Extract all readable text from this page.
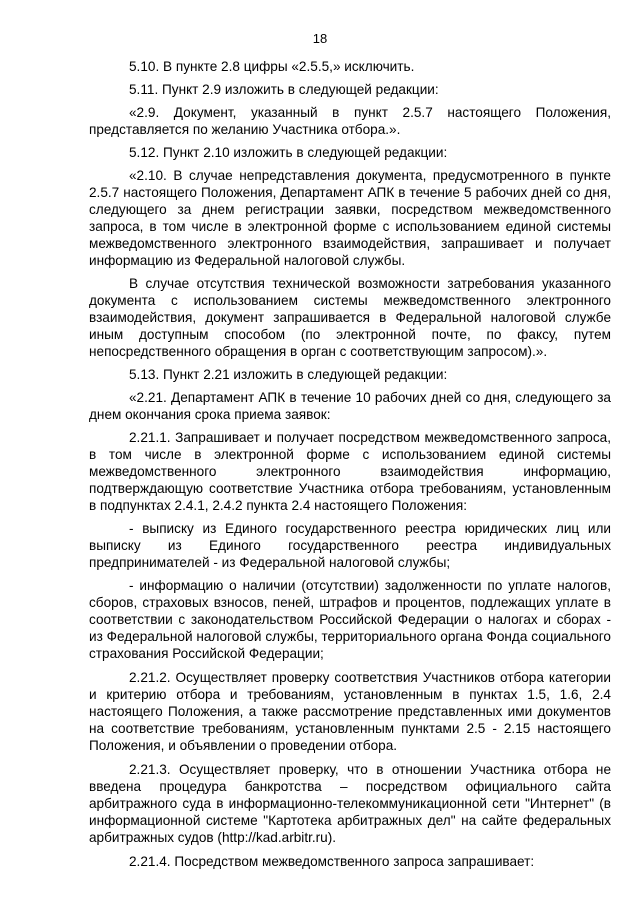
18

5.10. В пункте 2.8 цифры «2.5.5,» исключить.

5.11. Пункт 2.9 изложить в следующей редакции:

«2.9. Документ, указанный в пункт 2.5.7 настоящего Положения, представляется по желанию Участника отбора.».

5.12. Пункт 2.10 изложить в следующей редакции:

«2.10. В случае непредставления документа, предусмотренного в пункте 2.5.7 настоящего Положения, Департамент АПК в течение 5 рабочих дней со дня, следующего за днем регистрации заявки, посредством межведомственного запроса, в том числе в электронной форме с использованием единой системы межведомственного электронного взаимодействия, запрашивает и получает информацию из Федеральной налоговой службы.

В случае отсутствия технической возможности затребования указанного документа с использованием системы межведомственного электронного взаимодействия, документ запрашивается в Федеральной налоговой службе иным доступным способом (по электронной почте, по факсу, путем непосредственного обращения в орган с соответствующим запросом).».

5.13. Пункт 2.21 изложить в следующей редакции:

«2.21. Департамент АПК в течение 10 рабочих дней со дня, следующего за днем окончания срока приема заявок:

2.21.1. Запрашивает и получает посредством межведомственного запроса, в том числе в электронной форме с использованием единой системы межведомственного электронного взаимодействия информацию, подтверждающую соответствие Участника отбора требованиям, установленным в подпунктах 2.4.1, 2.4.2 пункта 2.4 настоящего Положения:

- выписку из Единого государственного реестра юридических лиц или выписку из Единого государственного реестра индивидуальных предпринимателей - из Федеральной налоговой службы;

- информацию о наличии (отсутствии) задолженности по уплате налогов, сборов, страховых взносов, пеней, штрафов и процентов, подлежащих уплате в соответствии с законодательством Российской Федерации о налогах и сборах - из Федеральной налоговой службы, территориального органа Фонда социального страхования Российской Федерации;

2.21.2. Осуществляет проверку соответствия Участников отбора категории и критерию отбора и требованиям, установленным в пунктах 1.5, 1.6, 2.4 настоящего Положения, а также рассмотрение представленных ими документов на соответствие требованиям, установленным пунктами 2.5 - 2.15 настоящего Положения, и объявлении о проведении отбора.

2.21.3. Осуществляет проверку, что в отношении Участника отбора не введена процедура банкротства – посредством официального сайта арбитражного суда в информационно-телекоммуникационной сети "Интернет" (в информационной системе "Картотека арбитражных дел" на сайте федеральных арбитражных судов (http://kad.arbitr.ru).

2.21.4. Посредством межведомственного запроса запрашивает:
